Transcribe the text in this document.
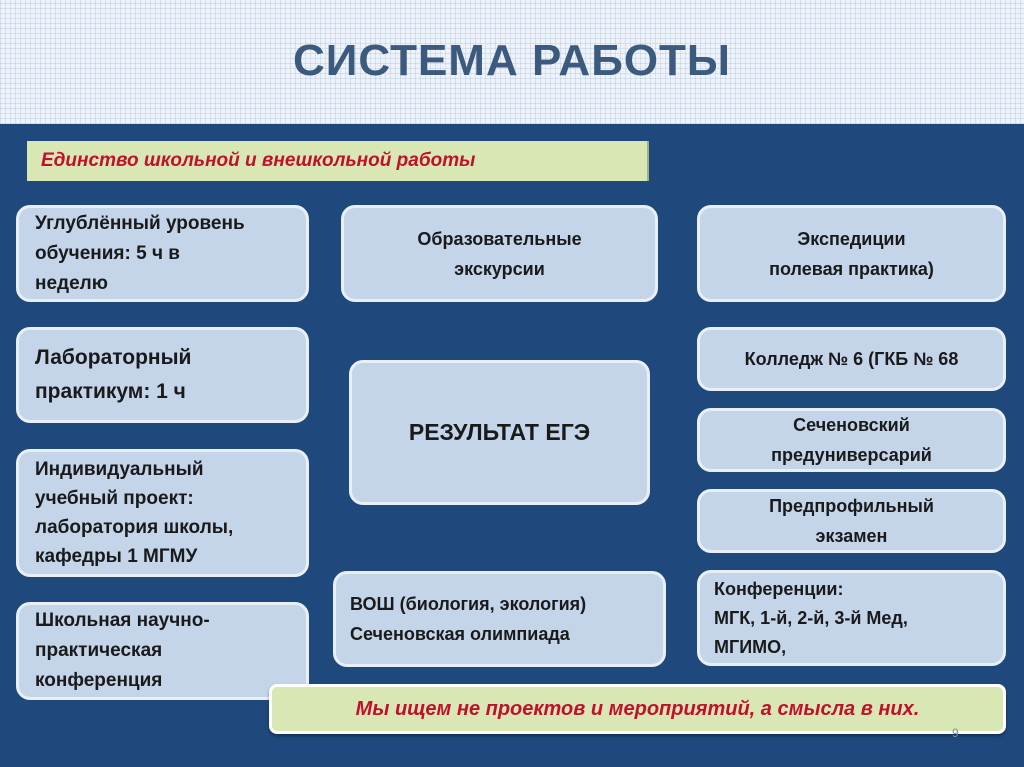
СИСТЕМА РАБОТЫ
Единство школьной и внешкольной работы
Углублённый уровень
обучения: 5 ч в
неделю
Лабораторный
практикум: 1 ч
Индивидуальный
учебный проект:
лаборатория школы,
кафедры 1 МГМУ
Школьная научно-
практическая
конференция
Образовательные
экскурсии
РЕЗУЛЬТАТ ЕГЭ
ВОШ (биология, экология)
Сеченовская олимпиада
Экспедиции
полевая практика)
Колледж № 6 (ГКБ № 68
Сеченовский
предуниверсарий
Предпрофильный
экзамен
Конференции:
МГК, 1-й, 2-й, 3-й Мед,
МГИМО,
Мы ищем не проектов и мероприятий, а смысла в них.
9
